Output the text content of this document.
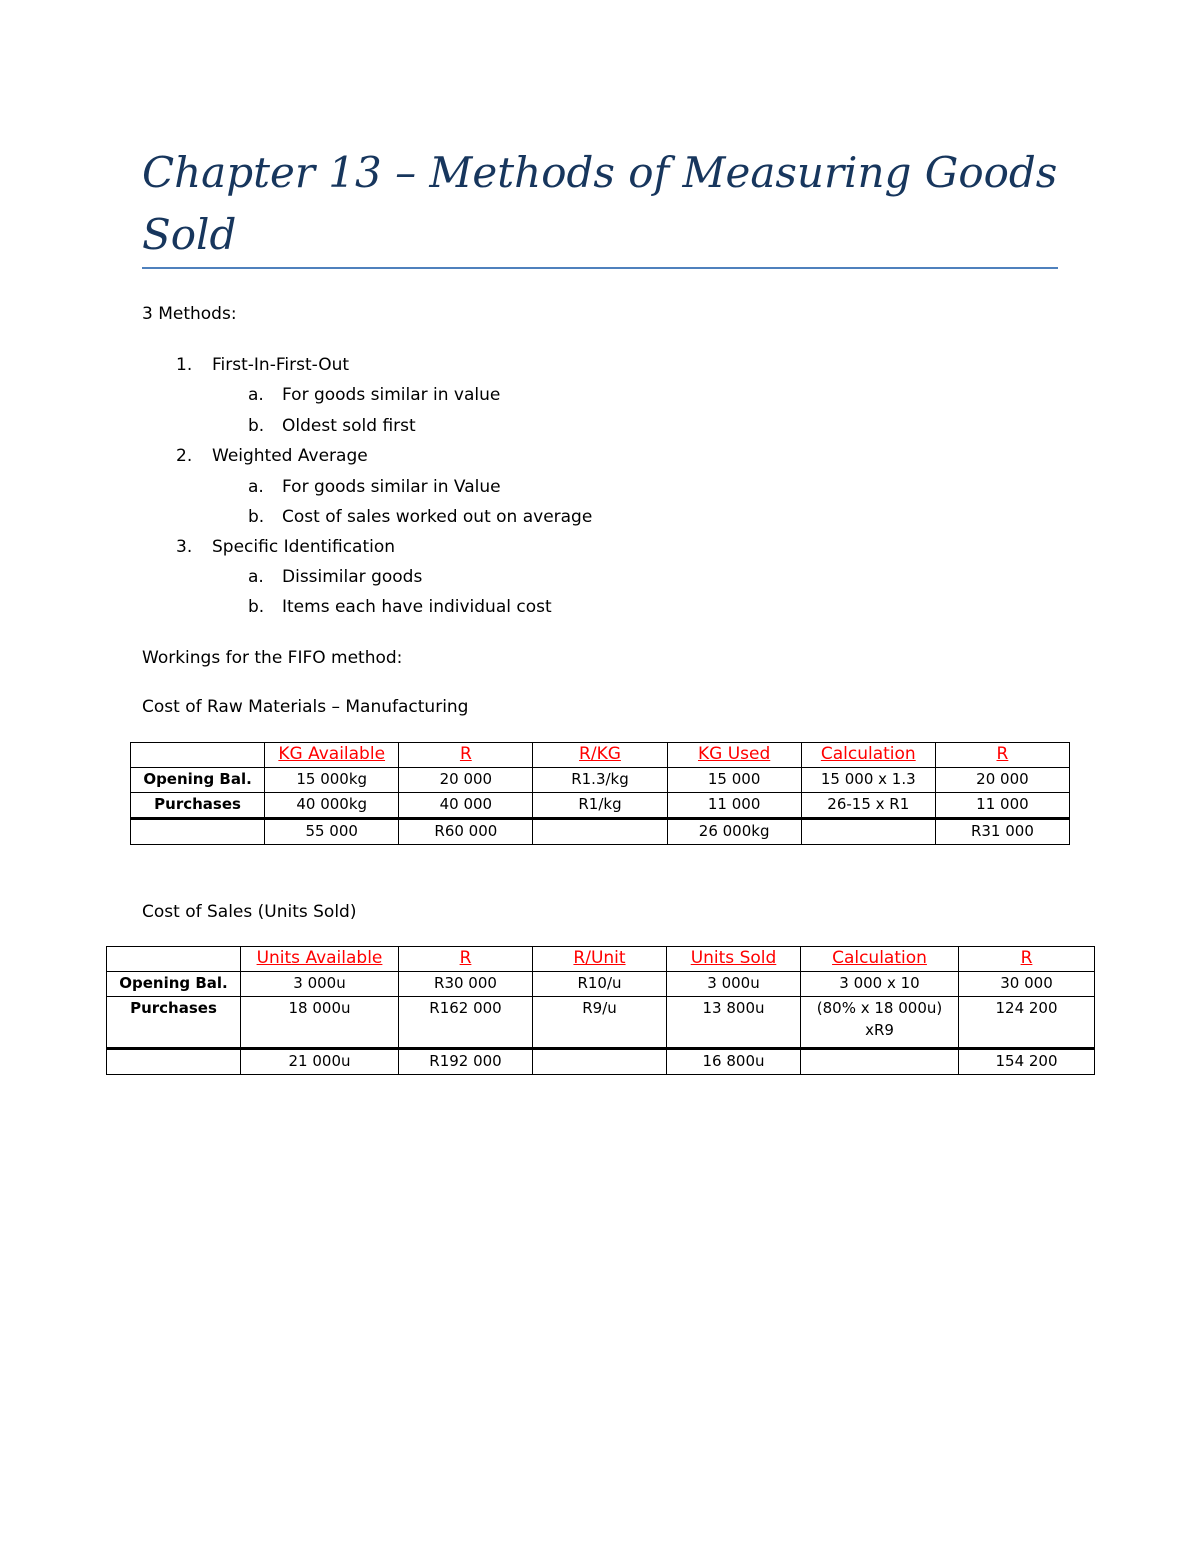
Chapter 13 – Methods of Measuring Goods Sold

3 Methods:

1. First-In-First-Out
a. For goods similar in value
b. Oldest sold first
2. Weighted Average
a. For goods similar in Value
b. Cost of sales worked out on average
3. Specific Identification
a. Dissimilar goods
b. Items each have individual cost

Workings for the FIFO method:

Cost of Raw Materials – Manufacturing

	KG Available	R	R/KG	KG Used	Calculation	R
Opening Bal.	15 000kg	20 000	R1.3/kg	15 000	15 000 x 1.3	20 000
Purchases	40 000kg	40 000	R1/kg	11 000	26-15 x R1	11 000
	55 000	R60 000		26 000kg		R31 000

Cost of Sales (Units Sold)

	Units Available	R	R/Unit	Units Sold	Calculation	R
Opening Bal.	3 000u	R30 000	R10/u	3 000u	3 000 x 10	30 000
Purchases	18 000u	R162 000	R9/u	13 800u	(80% x 18 000u) xR9	124 200
	21 000u	R192 000		16 800u		154 200
